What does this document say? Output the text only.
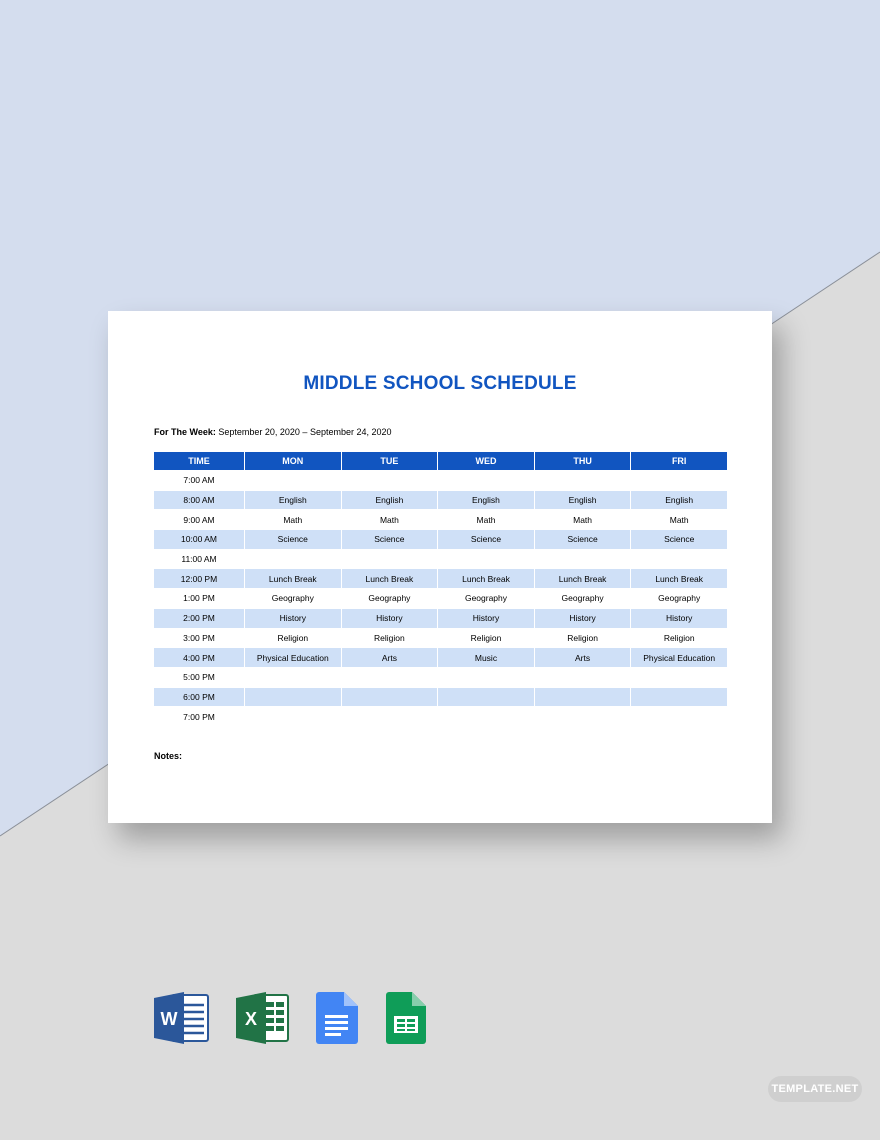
MIDDLE SCHOOL SCHEDULE
For The Week: September 20, 2020 – September 24, 2020
TIME	MON	TUE	WED	THU	FRI
7:00 AM					
8:00 AM	English	English	English	English	English
9:00 AM	Math	Math	Math	Math	Math
10:00 AM	Science	Science	Science	Science	Science
11:00 AM					
12:00 PM	Lunch Break	Lunch Break	Lunch Break	Lunch Break	Lunch Break
1:00 PM	Geography	Geography	Geography	Geography	Geography
2:00 PM	History	History	History	History	History
3:00 PM	Religion	Religion	Religion	Religion	Religion
4:00 PM	Physical Education	Arts	Music	Arts	Physical Education
5:00 PM					
6:00 PM					
7:00 PM					
Notes:
W	X
TEMPLATE.NET
